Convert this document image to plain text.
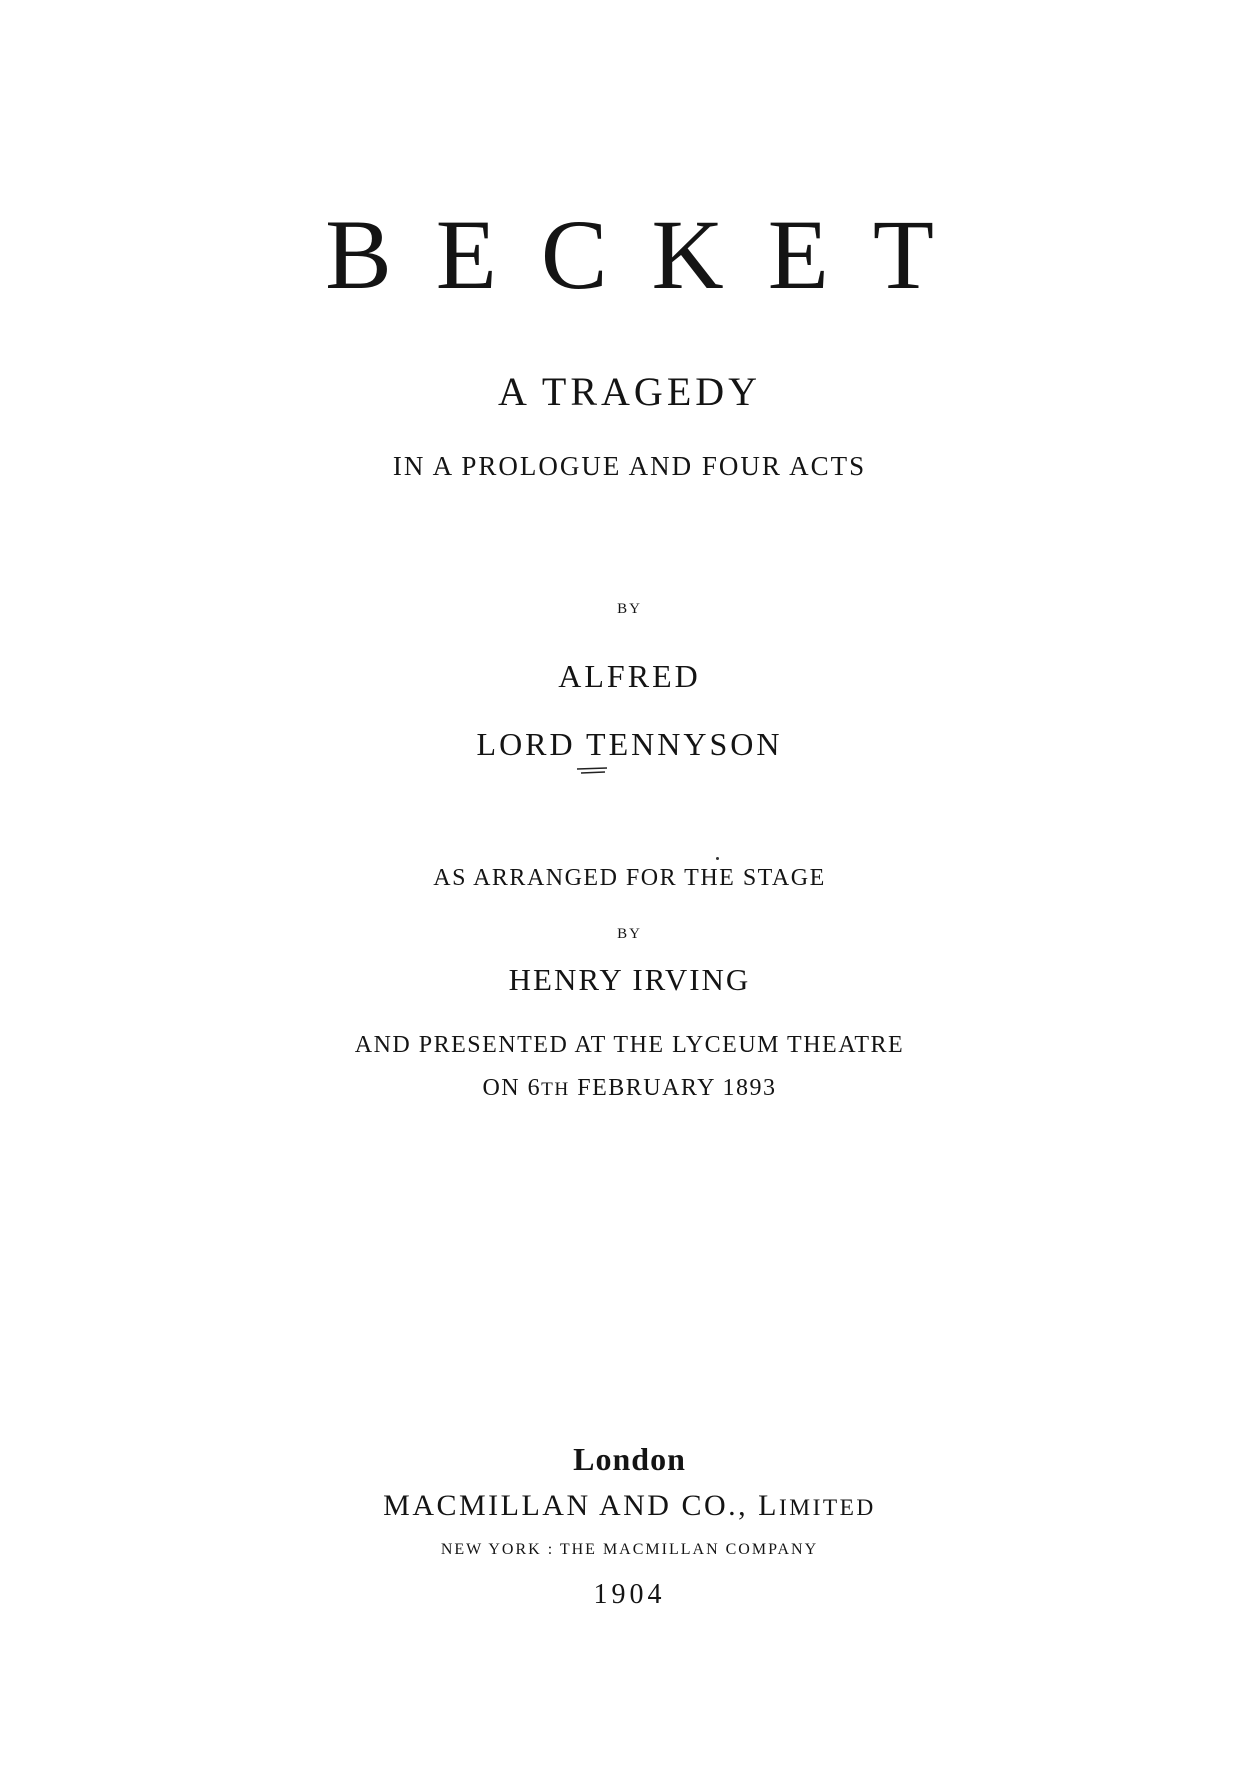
BECKET
A TRAGEDY
IN A PROLOGUE AND FOUR ACTS
BY
ALFRED
LORD TENNYSON
AS ARRANGED FOR THE STAGE
BY
HENRY IRVING
AND PRESENTED AT THE LYCEUM THEATRE
ON 6TH FEBRUARY 1893
London
MACMILLAN AND CO., LIMITED
NEW YORK : THE MACMILLAN COMPANY
1904
